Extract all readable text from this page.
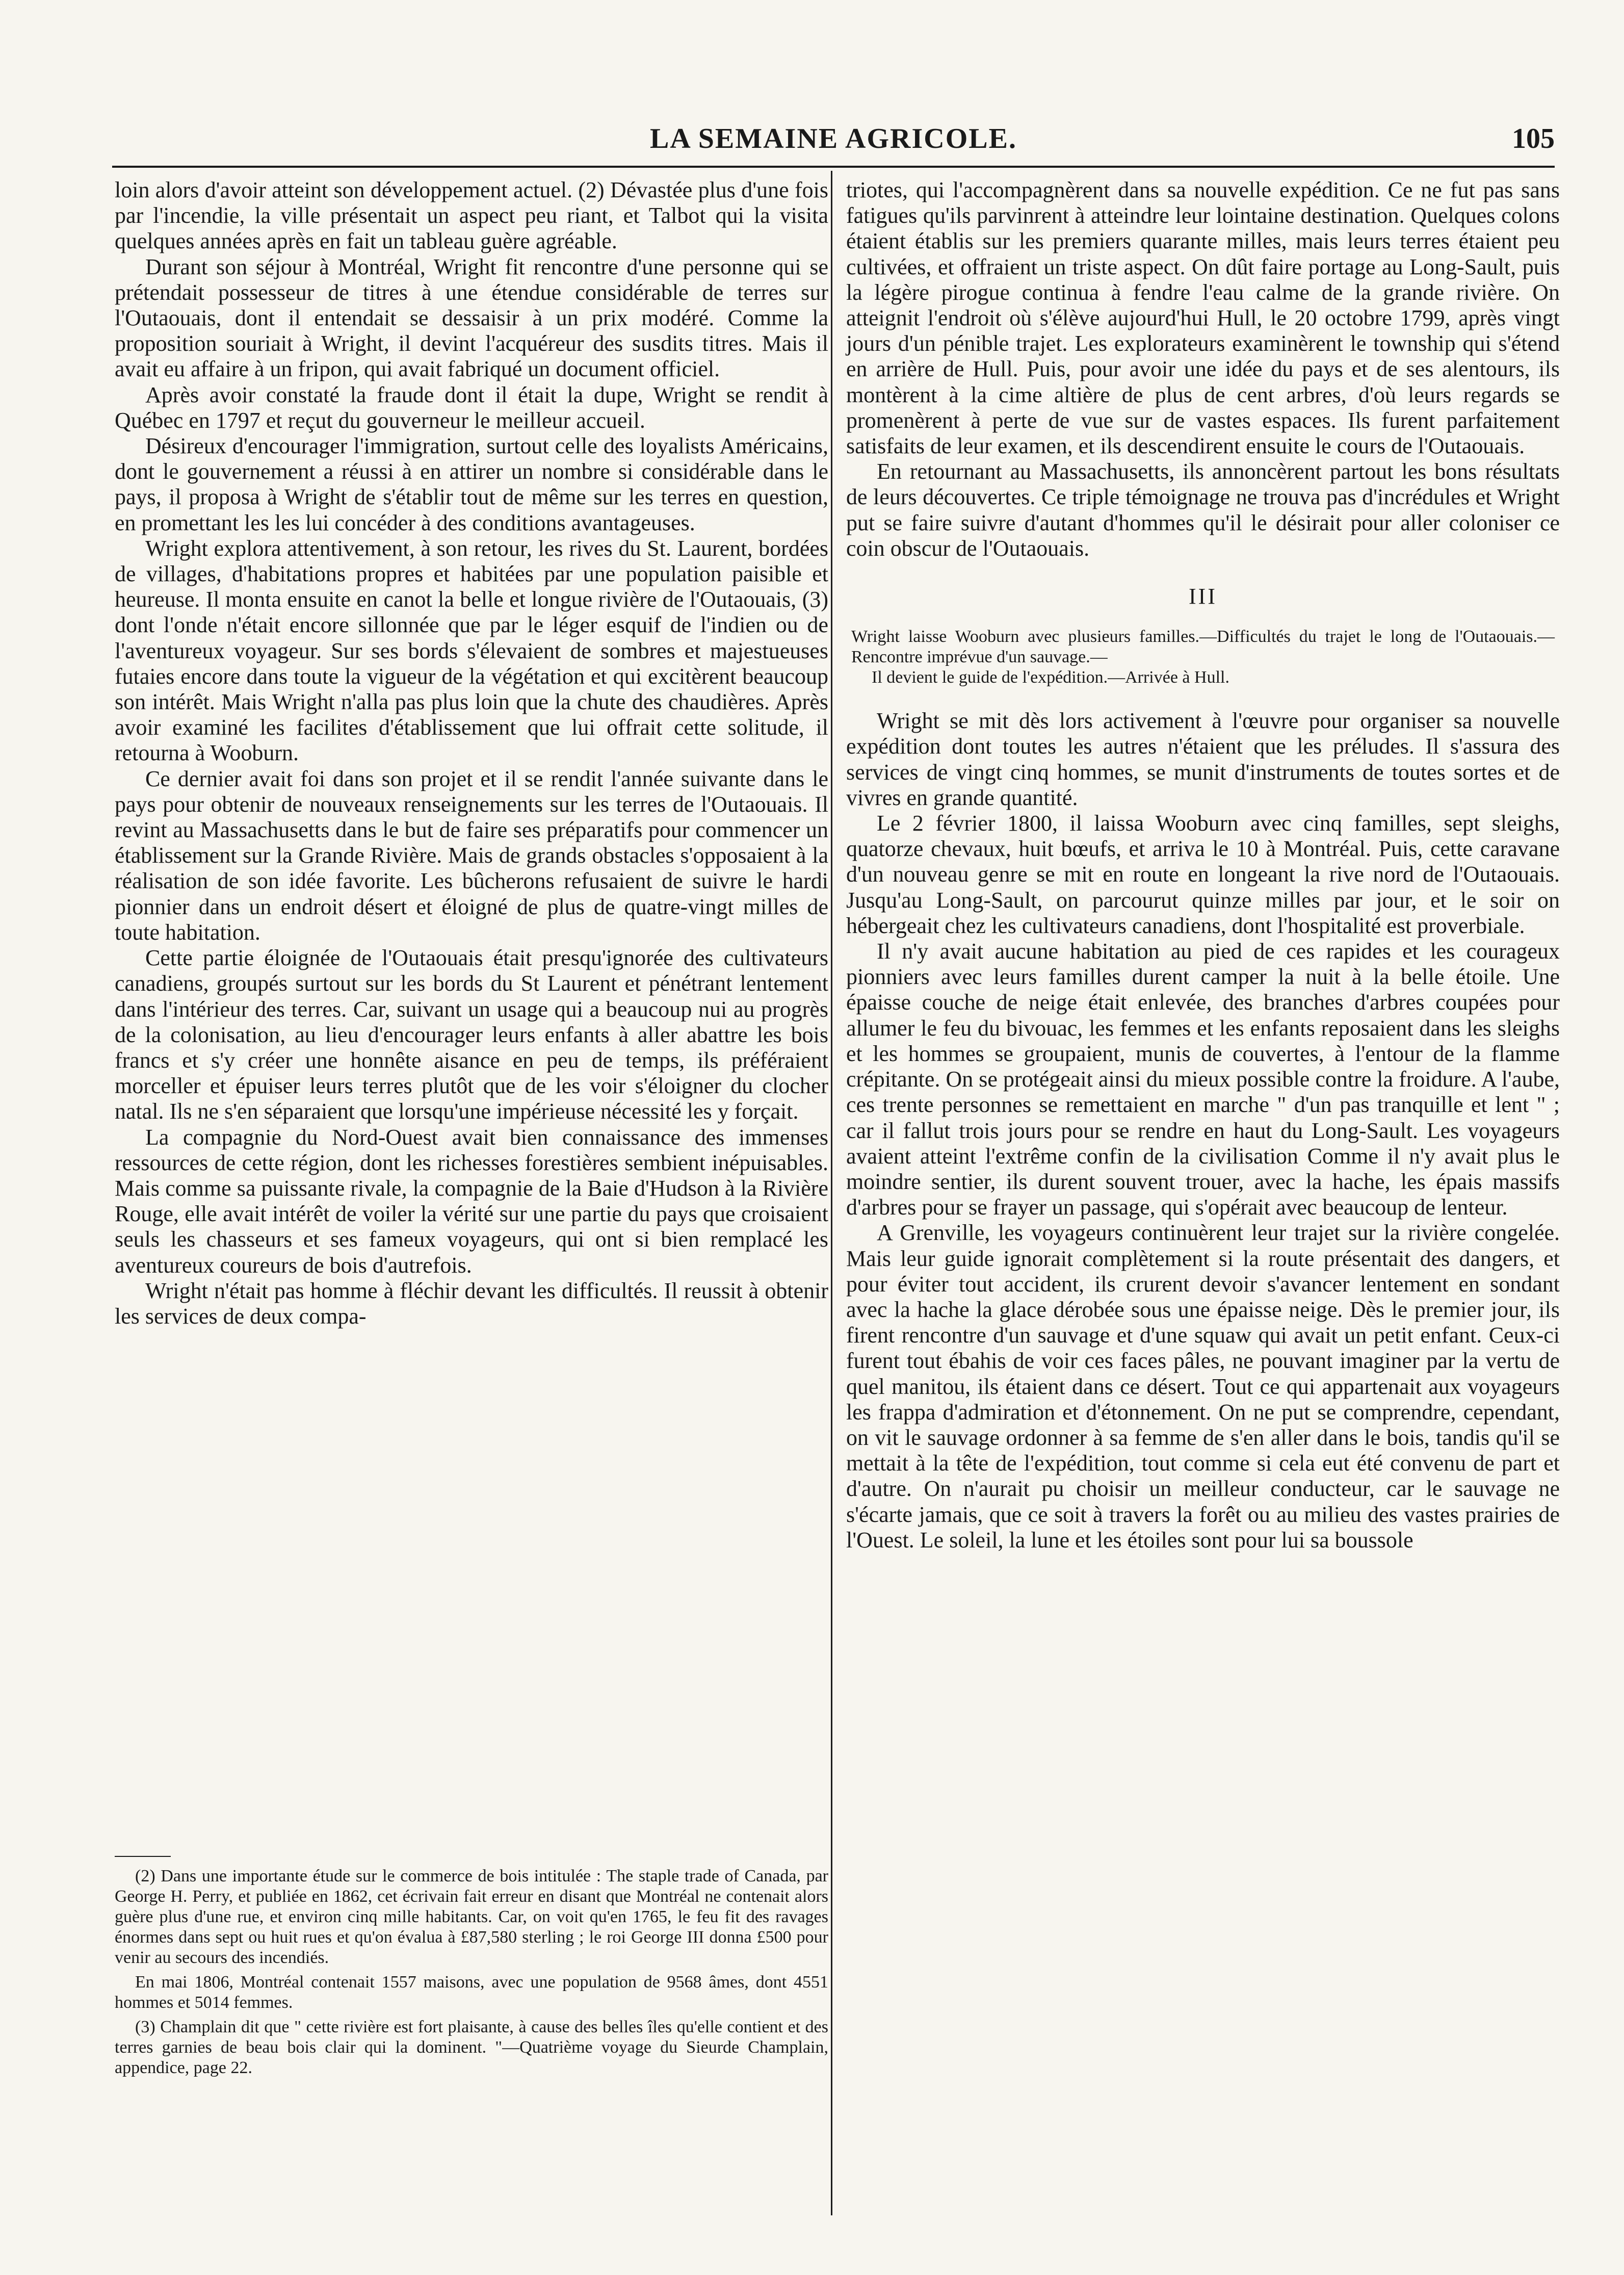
LA SEMAINE AGRICOLE.	105

loin alors d'avoir atteint son développement actuel. (2) Dévastée plus d'une fois par l'incendie, la ville présentait un aspect peu riant, et Talbot qui la visita quelques années après en fait un tableau guère agréable.

Durant son séjour à Montréal, Wright fit rencontre d'une personne qui se prétendait possesseur de titres à une étendue considérable de terres sur l'Outaouais, dont il entendait se dessaisir à un prix modéré. Comme la proposition souriait à Wright, il devint l'acquéreur des susdits titres. Mais il avait eu affaire à un fripon, qui avait fabriqué un document officiel.

Après avoir constaté la fraude dont il était la dupe, Wright se rendit à Québec en 1797 et reçut du gouverneur le meilleur accueil.

Désireux d'encourager l'immigration, surtout celle des loyalists Américains, dont le gouvernement a réussi à en attirer un nombre si considérable dans le pays, il proposa à Wright de s'établir tout de même sur les terres en question, en promettant les les lui concéder à des conditions avantageuses.

Wright explora attentivement, à son retour, les rives du St. Laurent, bordées de villages, d'habitations propres et habitées par une population paisible et heureuse. Il monta ensuite en canot la belle et longue rivière de l'Outaouais, (3) dont l'onde n'était encore sillonnée que par le léger esquif de l'indien ou de l'aventureux voyageur. Sur ses bords s'élevaient de sombres et majestueuses futaies encore dans toute la vigueur de la végétation et qui excitèrent beaucoup son intérêt. Mais Wright n'alla pas plus loin que la chute des chaudières. Après avoir examiné les facilites d'établissement que lui offrait cette solitude, il retourna à Wooburn.

Ce dernier avait foi dans son projet et il se rendit l'année suivante dans le pays pour obtenir de nouveaux renseignements sur les terres de l'Outaouais. Il revint au Massachusetts dans le but de faire ses préparatifs pour commencer un établissement sur la Grande Rivière. Mais de grands obstacles s'opposaient à la réalisation de son idée favorite. Les bûcherons refusaient de suivre le hardi pionnier dans un endroit désert et éloigné de plus de quatre-vingt milles de toute habitation.

Cette partie éloignée de l'Outaouais était presqu'ignorée des cultivateurs canadiens, groupés surtout sur les bords du St Laurent et pénétrant lentement dans l'intérieur des terres. Car, suivant un usage qui a beaucoup nui au progrès de la colonisation, au lieu d'encourager leurs enfants à aller abattre les bois francs et s'y créer une honnête aisance en peu de temps, ils préféraient morceller et épuiser leurs terres plutôt que de les voir s'éloigner du clocher natal. Ils ne s'en séparaient que lorsqu'une impérieuse nécessité les y forçait.

La compagnie du Nord-Ouest avait bien connaissance des immenses ressources de cette région, dont les richesses forestières sembient inépuisables. Mais comme sa puissante rivale, la compagnie de la Baie d'Hudson à la Rivière Rouge, elle avait intérêt de voiler la vérité sur une partie du pays que croisaient seuls les chasseurs et ses fameux voyageurs, qui ont si bien remplacé les aventureux coureurs de bois d'autrefois.

Wright n'était pas homme à fléchir devant les difficultés. Il reussit à obtenir les services de deux compa-

(2) Dans une importante étude sur le commerce de bois intitulée : The staple trade of Canada, par George H. Perry, et publiée en 1862, cet écrivain fait erreur en disant que Montréal ne contenait alors guère plus d'une rue, et environ cinq mille habitants. Car, on voit qu'en 1765, le feu fit des ravages énormes dans sept ou huit rues et qu'on évalua à £87,580 sterling ; le roi George III donna £500 pour venir au secours des incendiés.

En mai 1806, Montréal contenait 1557 maisons, avec une population de 9568 âmes, dont 4551 hommes et 5014 femmes.

(3) Champlain dit que " cette rivière est fort plaisante, à cause des belles îles qu'elle contient et des terres garnies de beau bois clair qui la dominent. "—Quatrième voyage du Sieurde Champlain, appendice, page 22.

triotes, qui l'accompagnèrent dans sa nouvelle expédition. Ce ne fut pas sans fatigues qu'ils parvinrent à atteindre leur lointaine destination. Quelques colons étaient établis sur les premiers quarante milles, mais leurs terres étaient peu cultivées, et offraient un triste aspect. On dût faire portage au Long-Sault, puis la légère pirogue continua à fendre l'eau calme de la grande rivière. On atteignit l'endroit où s'élève aujourd'hui Hull, le 20 octobre 1799, après vingt jours d'un pénible trajet. Les explorateurs examinèrent le township qui s'étend en arrière de Hull. Puis, pour avoir une idée du pays et de ses alentours, ils montèrent à la cime altière de plus de cent arbres, d'où leurs regards se promenèrent à perte de vue sur de vastes espaces. Ils furent parfaitement satisfaits de leur examen, et ils descendirent ensuite le cours de l'Outaouais.

En retournant au Massachusetts, ils annoncèrent partout les bons résultats de leurs découvertes. Ce triple témoignage ne trouva pas d'incrédules et Wright put se faire suivre d'autant d'hommes qu'il le désirait pour aller coloniser ce coin obscur de l'Outaouais.

III
Wright laisse Wooburn avec plusieurs familles.—Difficultés du trajet le long de l'Outaouais.—Rencontre imprévue d'un sauvage.—
Il devient le guide de l'expédition.—Arrivée à Hull.

Wright se mit dès lors activement à l'œuvre pour organiser sa nouvelle expédition dont toutes les autres n'étaient que les préludes. Il s'assura des services de vingt cinq hommes, se munit d'instruments de toutes sortes et de vivres en grande quantité.

Le 2 février 1800, il laissa Wooburn avec cinq familles, sept sleighs, quatorze chevaux, huit bœufs, et arriva le 10 à Montréal. Puis, cette caravane d'un nouveau genre se mit en route en longeant la rive nord de l'Outaouais. Jusqu'au Long-Sault, on parcourut quinze milles par jour, et le soir on hébergeait chez les cultivateurs canadiens, dont l'hospitalité est proverbiale.

Il n'y avait aucune habitation au pied de ces rapides et les courageux pionniers avec leurs familles durent camper la nuit à la belle étoile. Une épaisse couche de neige était enlevée, des branches d'arbres coupées pour allumer le feu du bivouac, les femmes et les enfants reposaient dans les sleighs et les hommes se groupaient, munis de couvertes, à l'entour de la flamme crépitante. On se protégeait ainsi du mieux possible contre la froidure. A l'aube, ces trente personnes se remettaient en marche " d'un pas tranquille et lent " ; car il fallut trois jours pour se rendre en haut du Long-Sault. Les voyageurs avaient atteint l'extrême confin de la civilisation Comme il n'y avait plus le moindre sentier, ils durent souvent trouer, avec la hache, les épais massifs d'arbres pour se frayer un passage, qui s'opérait avec beaucoup de lenteur.

A Grenville, les voyageurs continuèrent leur trajet sur la rivière congelée. Mais leur guide ignorait complètement si la route présentait des dangers, et pour éviter tout accident, ils crurent devoir s'avancer lentement en sondant avec la hache la glace dérobée sous une épaisse neige. Dès le premier jour, ils firent rencontre d'un sauvage et d'une squaw qui avait un petit enfant. Ceux-ci furent tout ébahis de voir ces faces pâles, ne pouvant imaginer par la vertu de quel manitou, ils étaient dans ce désert. Tout ce qui appartenait aux voyageurs les frappa d'admiration et d'étonnement. On ne put se comprendre, cependant, on vit le sauvage ordonner à sa femme de s'en aller dans le bois, tandis qu'il se mettait à la tête de l'expédition, tout comme si cela eut été convenu de part et d'autre. On n'aurait pu choisir un meilleur conducteur, car le sauvage ne s'écarte jamais, que ce soit à travers la forêt ou au milieu des vastes prairies de l'Ouest. Le soleil, la lune et les étoiles sont pour lui sa boussole
